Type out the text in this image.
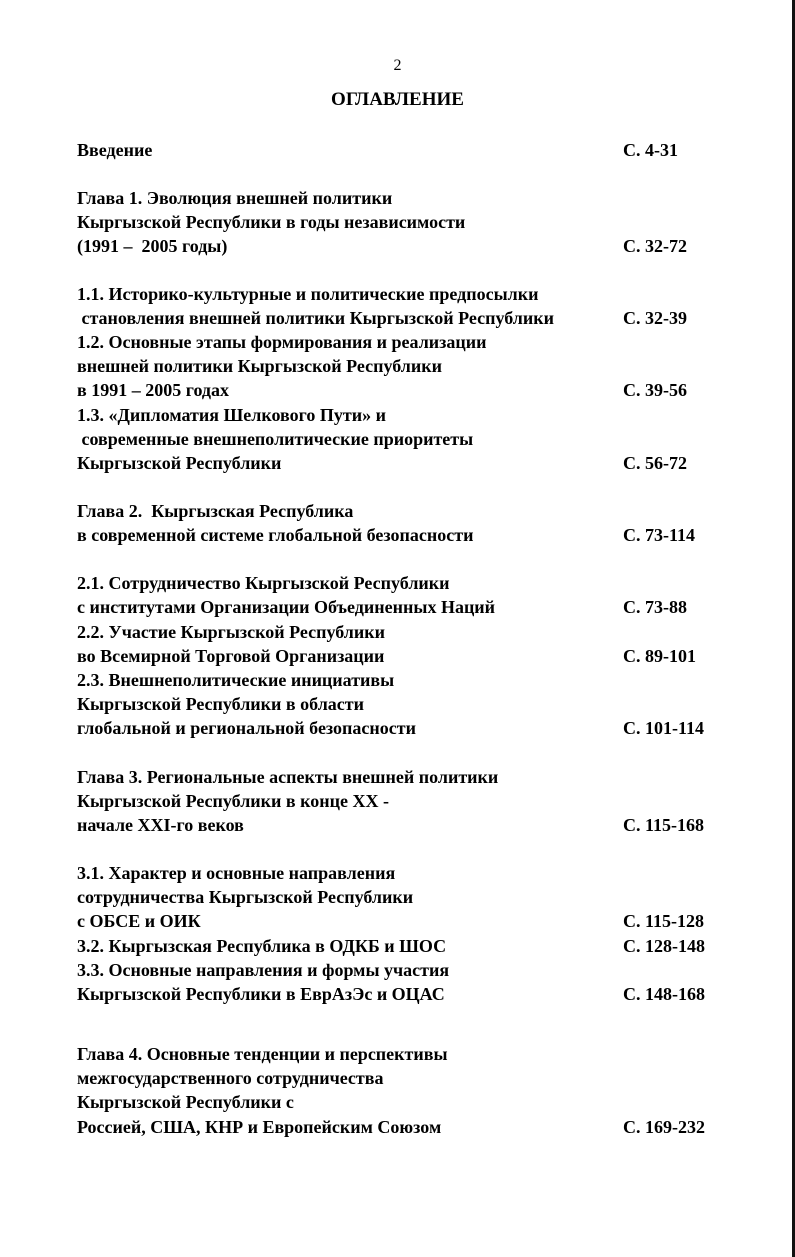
2
ОГЛАВЛЕНИЕ
Введение	С. 4-31
Глава 1. Эволюция внешней политики
Кыргызской Республики в годы независимости
(1991 –  2005 годы)	С. 32-72
1.1. Историко-культурные и политические предпосылки
становления внешней политики Кыргызской Республики	С. 32-39
1.2. Основные этапы формирования и реализации
внешней политики Кыргызской Республики
в 1991 – 2005 годах	С. 39-56
1.3. «Дипломатия Шелкового Пути» и
современные внешнеполитические приоритеты
Кыргызской Республики	С. 56-72
Глава 2.  Кыргызская Республика
в современной системе глобальной безопасности	С. 73-114
2.1. Сотрудничество Кыргызской Республики
с институтами Организации Объединенных Наций	С. 73-88
2.2. Участие Кыргызской Республики
во Всемирной Торговой Организации	С. 89-101
2.3. Внешнеполитические инициативы
Кыргызской Республики в области
глобальной и региональной безопасности	С. 101-114
Глава 3. Региональные аспекты внешней политики
Кыргызской Республики в конце XX -
начале XXI-го веков	С. 115-168
3.1. Характер и основные направления
сотрудничества Кыргызской Республики
с ОБСЕ и ОИК	С. 115-128
3.2. Кыргызская Республика в ОДКБ и ШОС	С. 128-148
3.3. Основные направления и формы участия
Кыргызской Республики в ЕврАзЭс и ОЦАС	С. 148-168
Глава 4. Основные тенденции и перспективы
межгосударственного сотрудничества
Кыргызской Республики с
Россией, США, КНР и Европейским Союзом	С. 169-232
